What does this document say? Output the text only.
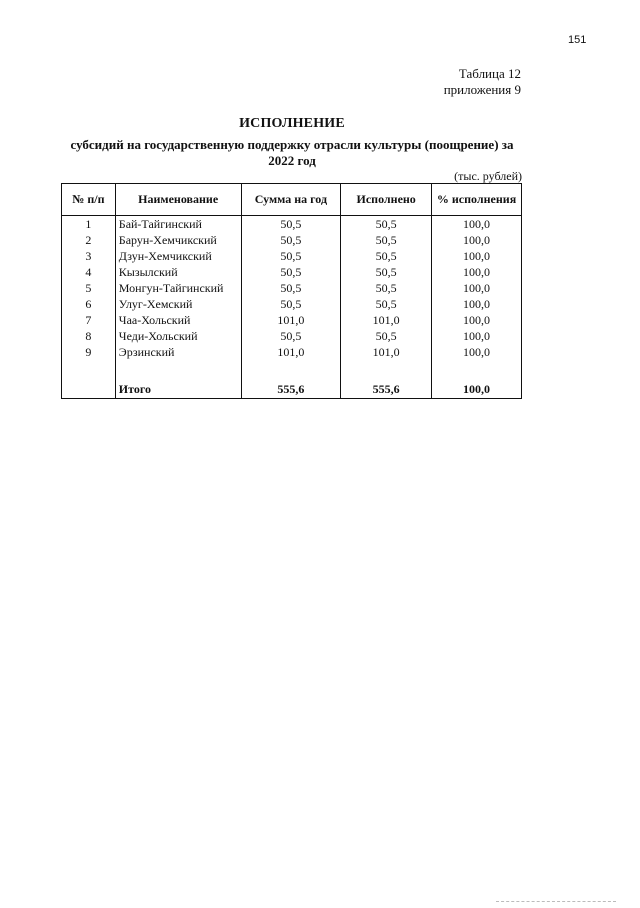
151
Таблица 12
приложения 9
ИСПОЛНЕНИЕ
субсидий на государственную поддержку отрасли культуры (поощрение) за 2022 год
(тыс. рублей)
№ п/п	Наименование	Сумма на год	Исполнено	% исполнения
1	Бай-Тайгинский	50,5	50,5	100,0
2	Барун-Хемчикский	50,5	50,5	100,0
3	Дзун-Хемчикский	50,5	50,5	100,0
4	Кызылский	50,5	50,5	100,0
5	Монгун-Тайгинский	50,5	50,5	100,0
6	Улуг-Хемский	50,5	50,5	100,0
7	Чаа-Хольский	101,0	101,0	100,0
8	Чеди-Хольский	50,5	50,5	100,0
9	Эрзинский	101,0	101,0	100,0

	Итого	555,6	555,6	100,0
